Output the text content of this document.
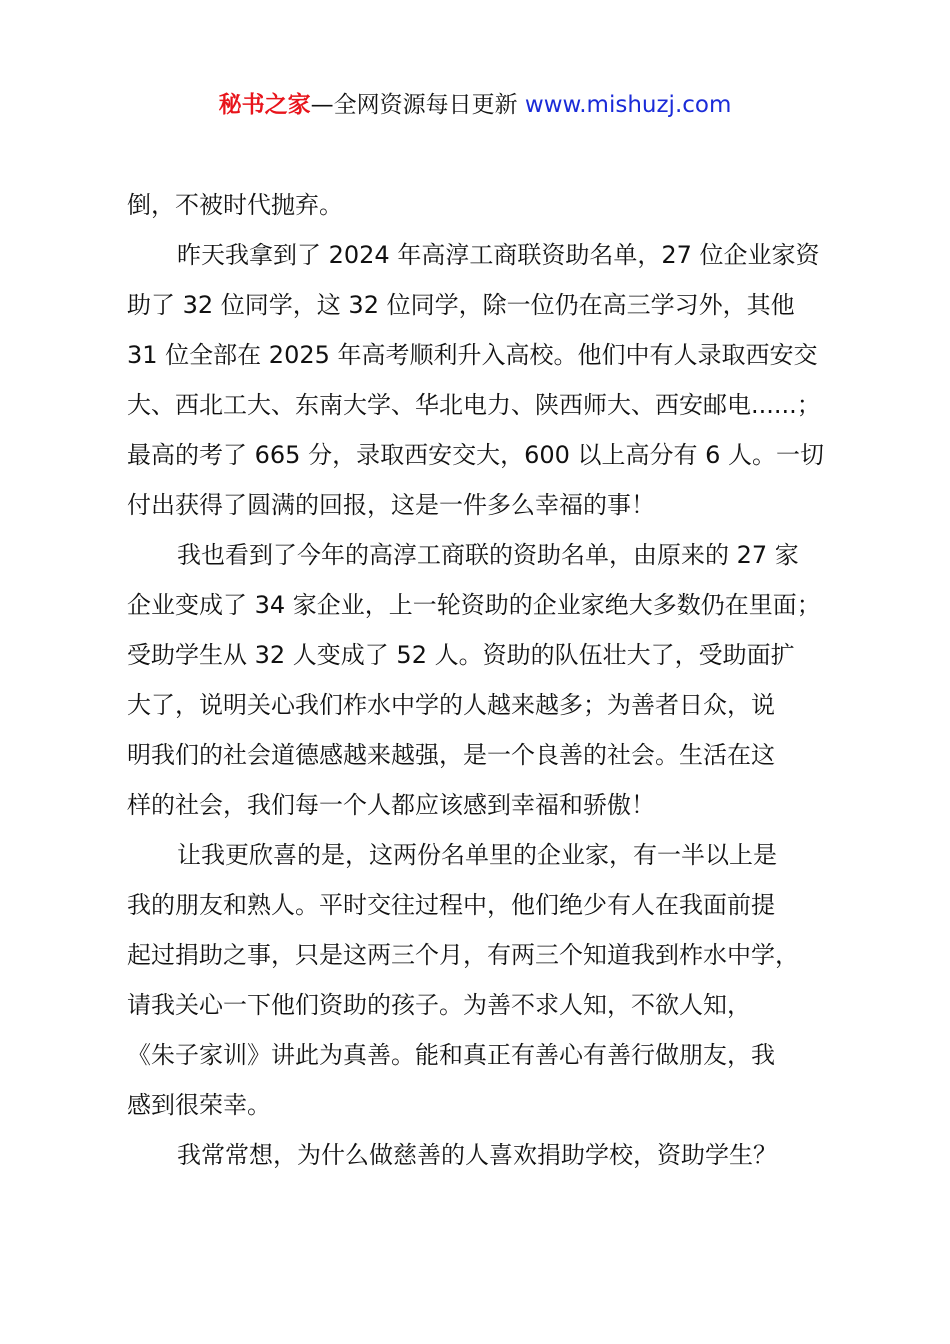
秘书之家—全网资源每日更新 www.mishuzj.com
倒，不被时代抛弃。
昨天我拿到了 2024 年高淳工商联资助名单，27 位企业家资
助了 32 位同学，这 32 位同学，除一位仍在高三学习外，其他
31 位全部在 2025 年高考顺利升入高校。他们中有人录取西安交
大、西北工大、东南大学、华北电力、陕西师大、西安邮电......；
最高的考了 665 分，录取西安交大，600 以上高分有 6 人。一切
付出获得了圆满的回报，这是一件多么幸福的事！
我也看到了今年的高淳工商联的资助名单，由原来的 27 家
企业变成了 34 家企业，上一轮资助的企业家绝大多数仍在里面；
受助学生从 32 人变成了 52 人。资助的队伍壮大了，受助面扩
大了，说明关心我们柞水中学的人越来越多；为善者日众，说
明我们的社会道德感越来越强，是一个良善的社会。生活在这
样的社会，我们每一个人都应该感到幸福和骄傲！
让我更欣喜的是，这两份名单里的企业家，有一半以上是
我的朋友和熟人。平时交往过程中，他们绝少有人在我面前提
起过捐助之事，只是这两三个月，有两三个知道我到柞水中学，
请我关心一下他们资助的孩子。为善不求人知，不欲人知，
《朱子家训》讲此为真善。能和真正有善心有善行做朋友，我
感到很荣幸。
我常常想，为什么做慈善的人喜欢捐助学校，资助学生？
